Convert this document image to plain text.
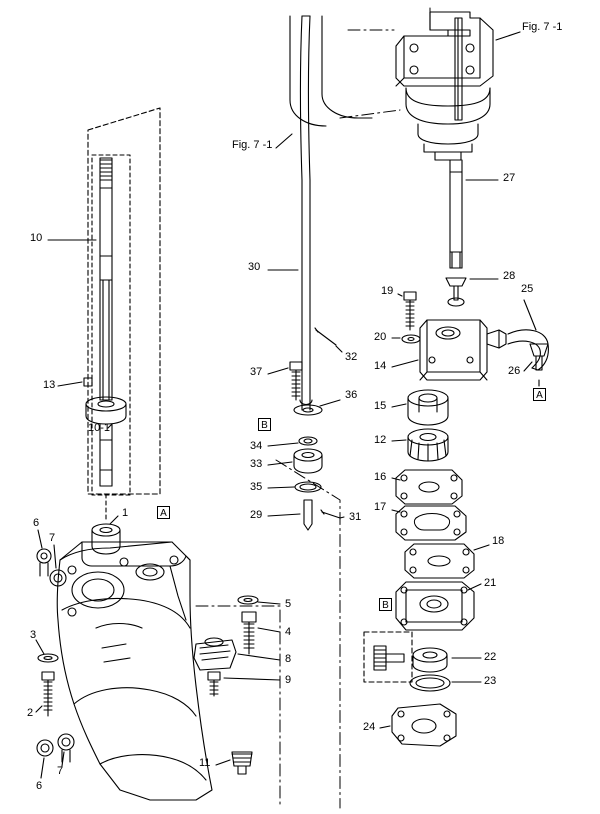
Fig. 7 -1
Fig. 7 -1
A
B
A
B
10
13
10-1
1
6
7
3
2
6
7
11
9
8
4
5
29	31
35
33
34
36
37
32
30
27
28
25
19
20
26
14
15
12
16
17
18
21
22
23
24
